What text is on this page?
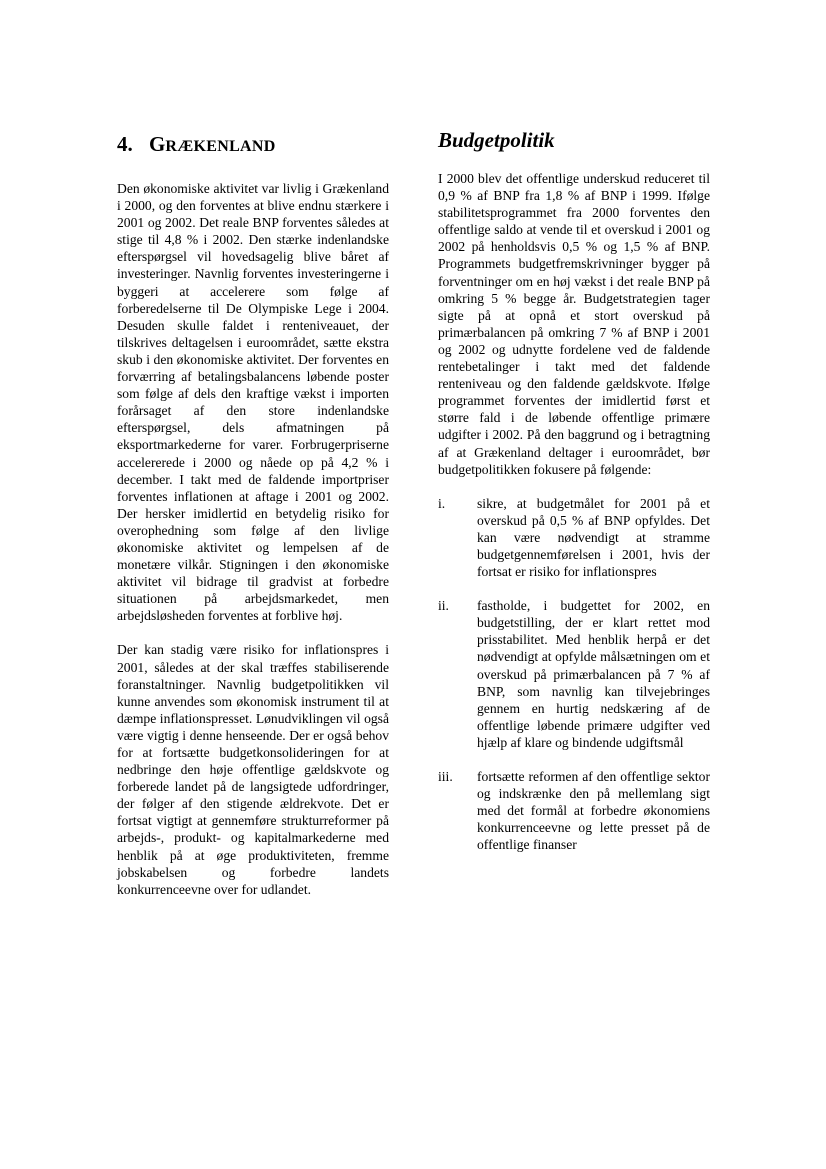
4. GRÆKENLAND

Den økonomiske aktivitet var livlig i Grækenland i 2000, og den forventes at blive endnu stærkere i 2001 og 2002. Det reale BNP forventes således at stige til 4,8 % i 2002. Den stærke indenlandske efterspørgsel vil hovedsagelig blive båret af investeringer. Navnlig forventes investeringerne i byggeri at accelerere som følge af forberedelserne til De Olympiske Lege i 2004. Desuden skulle faldet i renteniveauet, der tilskrives deltagelsen i euroområdet, sætte ekstra skub i den økonomiske aktivitet. Der forventes en forværring af betalingsbalancens løbende poster som følge af dels den kraftige vækst i importen forårsaget af den store indenlandske efterspørgsel, dels afmatningen på eksportmarkederne for varer. Forbrugerpriserne accelererede i 2000 og nåede op på 4,2 % i december. I takt med de faldende importpriser forventes inflationen at aftage i 2001 og 2002. Der hersker imidlertid en betydelig risiko for overophedning som følge af den livlige økonomiske aktivitet og lempelsen af de monetære vilkår. Stigningen i den økonomiske aktivitet vil bidrage til gradvist at forbedre situationen på arbejdsmarkedet, men arbejdsløsheden forventes at forblive høj.

Der kan stadig være risiko for inflationspres i 2001, således at der skal træffes stabiliserende foranstaltninger. Navnlig budgetpolitikken vil kunne anvendes som økonomisk instrument til at dæmpe inflationspresset. Lønudviklingen vil også være vigtig i denne henseende. Der er også behov for at fortsætte budgetkonsolideringen for at nedbringe den høje offentlige gældskvote og forberede landet på de langsigtede udfordringer, der følger af den stigende ældrekvote. Det er fortsat vigtigt at gennemføre strukturreformer på arbejds-, produkt- og kapitalmarkederne med henblik på at øge produktiviteten, fremme jobskabelsen og forbedre landets konkurrenceevne over for udlandet.

Budgetpolitik

I 2000 blev det offentlige underskud reduceret til 0,9 % af BNP fra 1,8 % af BNP i 1999. Ifølge stabilitetsprogrammet fra 2000 forventes den offentlige saldo at vende til et overskud i 2001 og 2002 på henholdsvis 0,5 % og 1,5 % af BNP. Programmets budgetfremskrivninger bygger på forventninger om en høj vækst i det reale BNP på omkring 5 % begge år. Budgetstrategien tager sigte på at opnå et stort overskud på primærbalancen på omkring 7 % af BNP i 2001 og 2002 og udnytte fordelene ved de faldende rentebetalinger i takt med det faldende renteniveau og den faldende gældskvote. Ifølge programmet forventes der imidlertid først et større fald i de løbende offentlige primære udgifter i 2002. På den baggrund og i betragtning af at Grækenland deltager i euroområdet, bør budgetpolitikken fokusere på følgende:

i. sikre, at budgetmålet for 2001 på et overskud på 0,5 % af BNP opfyldes. Det kan være nødvendigt at stramme budgetgennemførelsen i 2001, hvis der fortsat er risiko for inflationspres
ii. fastholde, i budgettet for 2002, en budgetstilling, der er klart rettet mod prisstabilitet. Med henblik herpå er det nødvendigt at opfylde målsætningen om et overskud på primærbalancen på 7 % af BNP, som navnlig kan tilvejebringes gennem en hurtig nedskæring af de offentlige løbende primære udgifter ved hjælp af klare og bindende udgiftsmål
iii. fortsætte reformen af den offentlige sektor og indskrænke den på mellemlang sigt med det formål at forbedre økonomiens konkurrenceevne og lette presset på de offentlige finanser
